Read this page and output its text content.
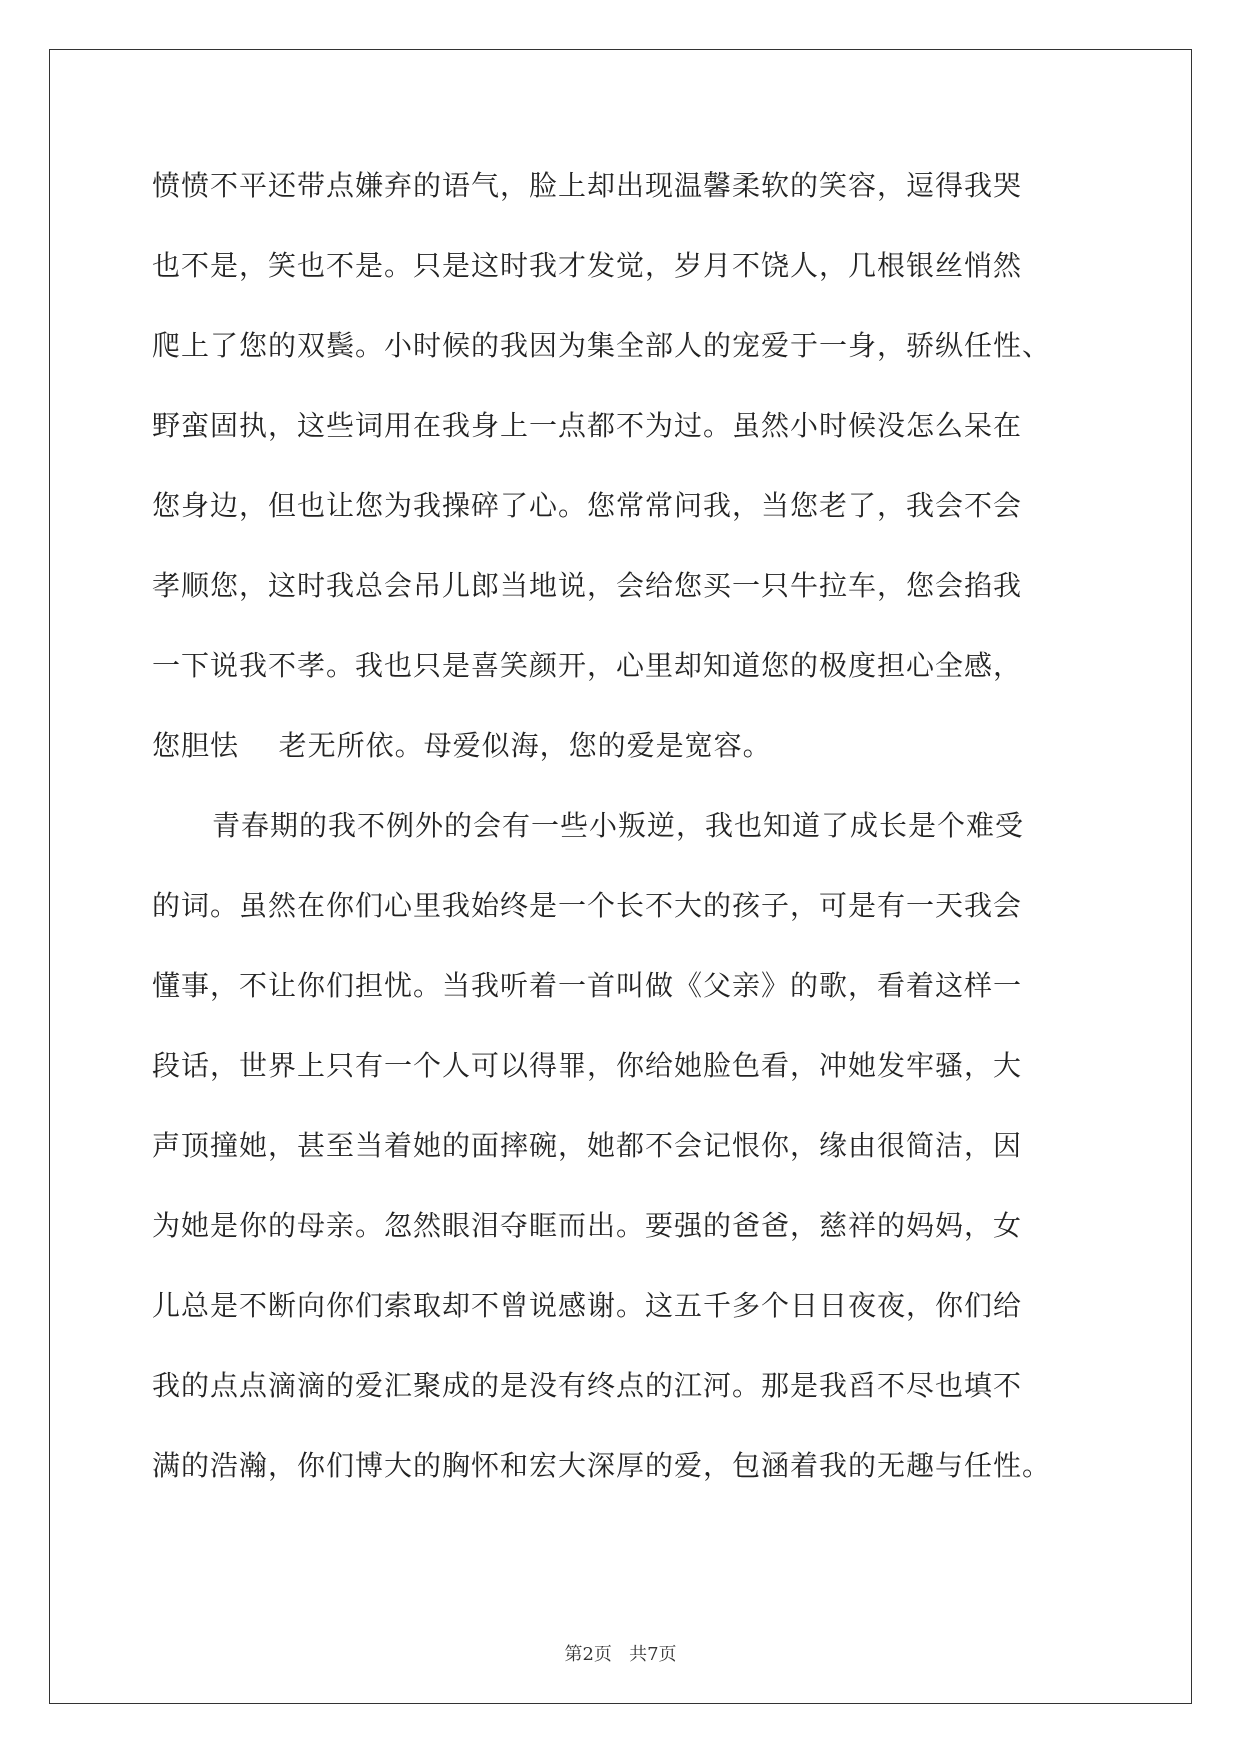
愤愤不平还带点嫌弃的语气，脸上却出现温馨柔软的笑容，逗得我哭

也不是，笑也不是。只是这时我才发觉，岁月不饶人，几根银丝悄然

爬上了您的双鬓。小时候的我因为集全部人的宠爱于一身，骄纵任性、

野蛮固执，这些词用在我身上一点都不为过。虽然小时候没怎么呆在

您身边，但也让您为我操碎了心。您常常问我，当您老了，我会不会

孝顺您，这时我总会吊儿郎当地说，会给您买一只牛拉车，您会掐我

一下说我不孝。我也只是喜笑颜开，心里却知道您的极度担心全感，

您胆怯    老无所依。母爱似海，您的爱是宽容。

青春期的我不例外的会有一些小叛逆，我也知道了成长是个难受

的词。虽然在你们心里我始终是一个长不大的孩子，可是有一天我会

懂事，不让你们担忧。当我听着一首叫做《父亲》的歌，看着这样一

段话，世界上只有一个人可以得罪，你给她脸色看，冲她发牢骚，大

声顶撞她，甚至当着她的面摔碗，她都不会记恨你，缘由很简洁，因

为她是你的母亲。忽然眼泪夺眶而出。要强的爸爸，慈祥的妈妈，女

儿总是不断向你们索取却不曾说感谢。这五千多个日日夜夜，你们给

我的点点滴滴的爱汇聚成的是没有终点的江河。那是我舀不尽也填不

满的浩瀚，你们博大的胸怀和宏大深厚的爱，包涵着我的无趣与任性。

第2页   共7页
